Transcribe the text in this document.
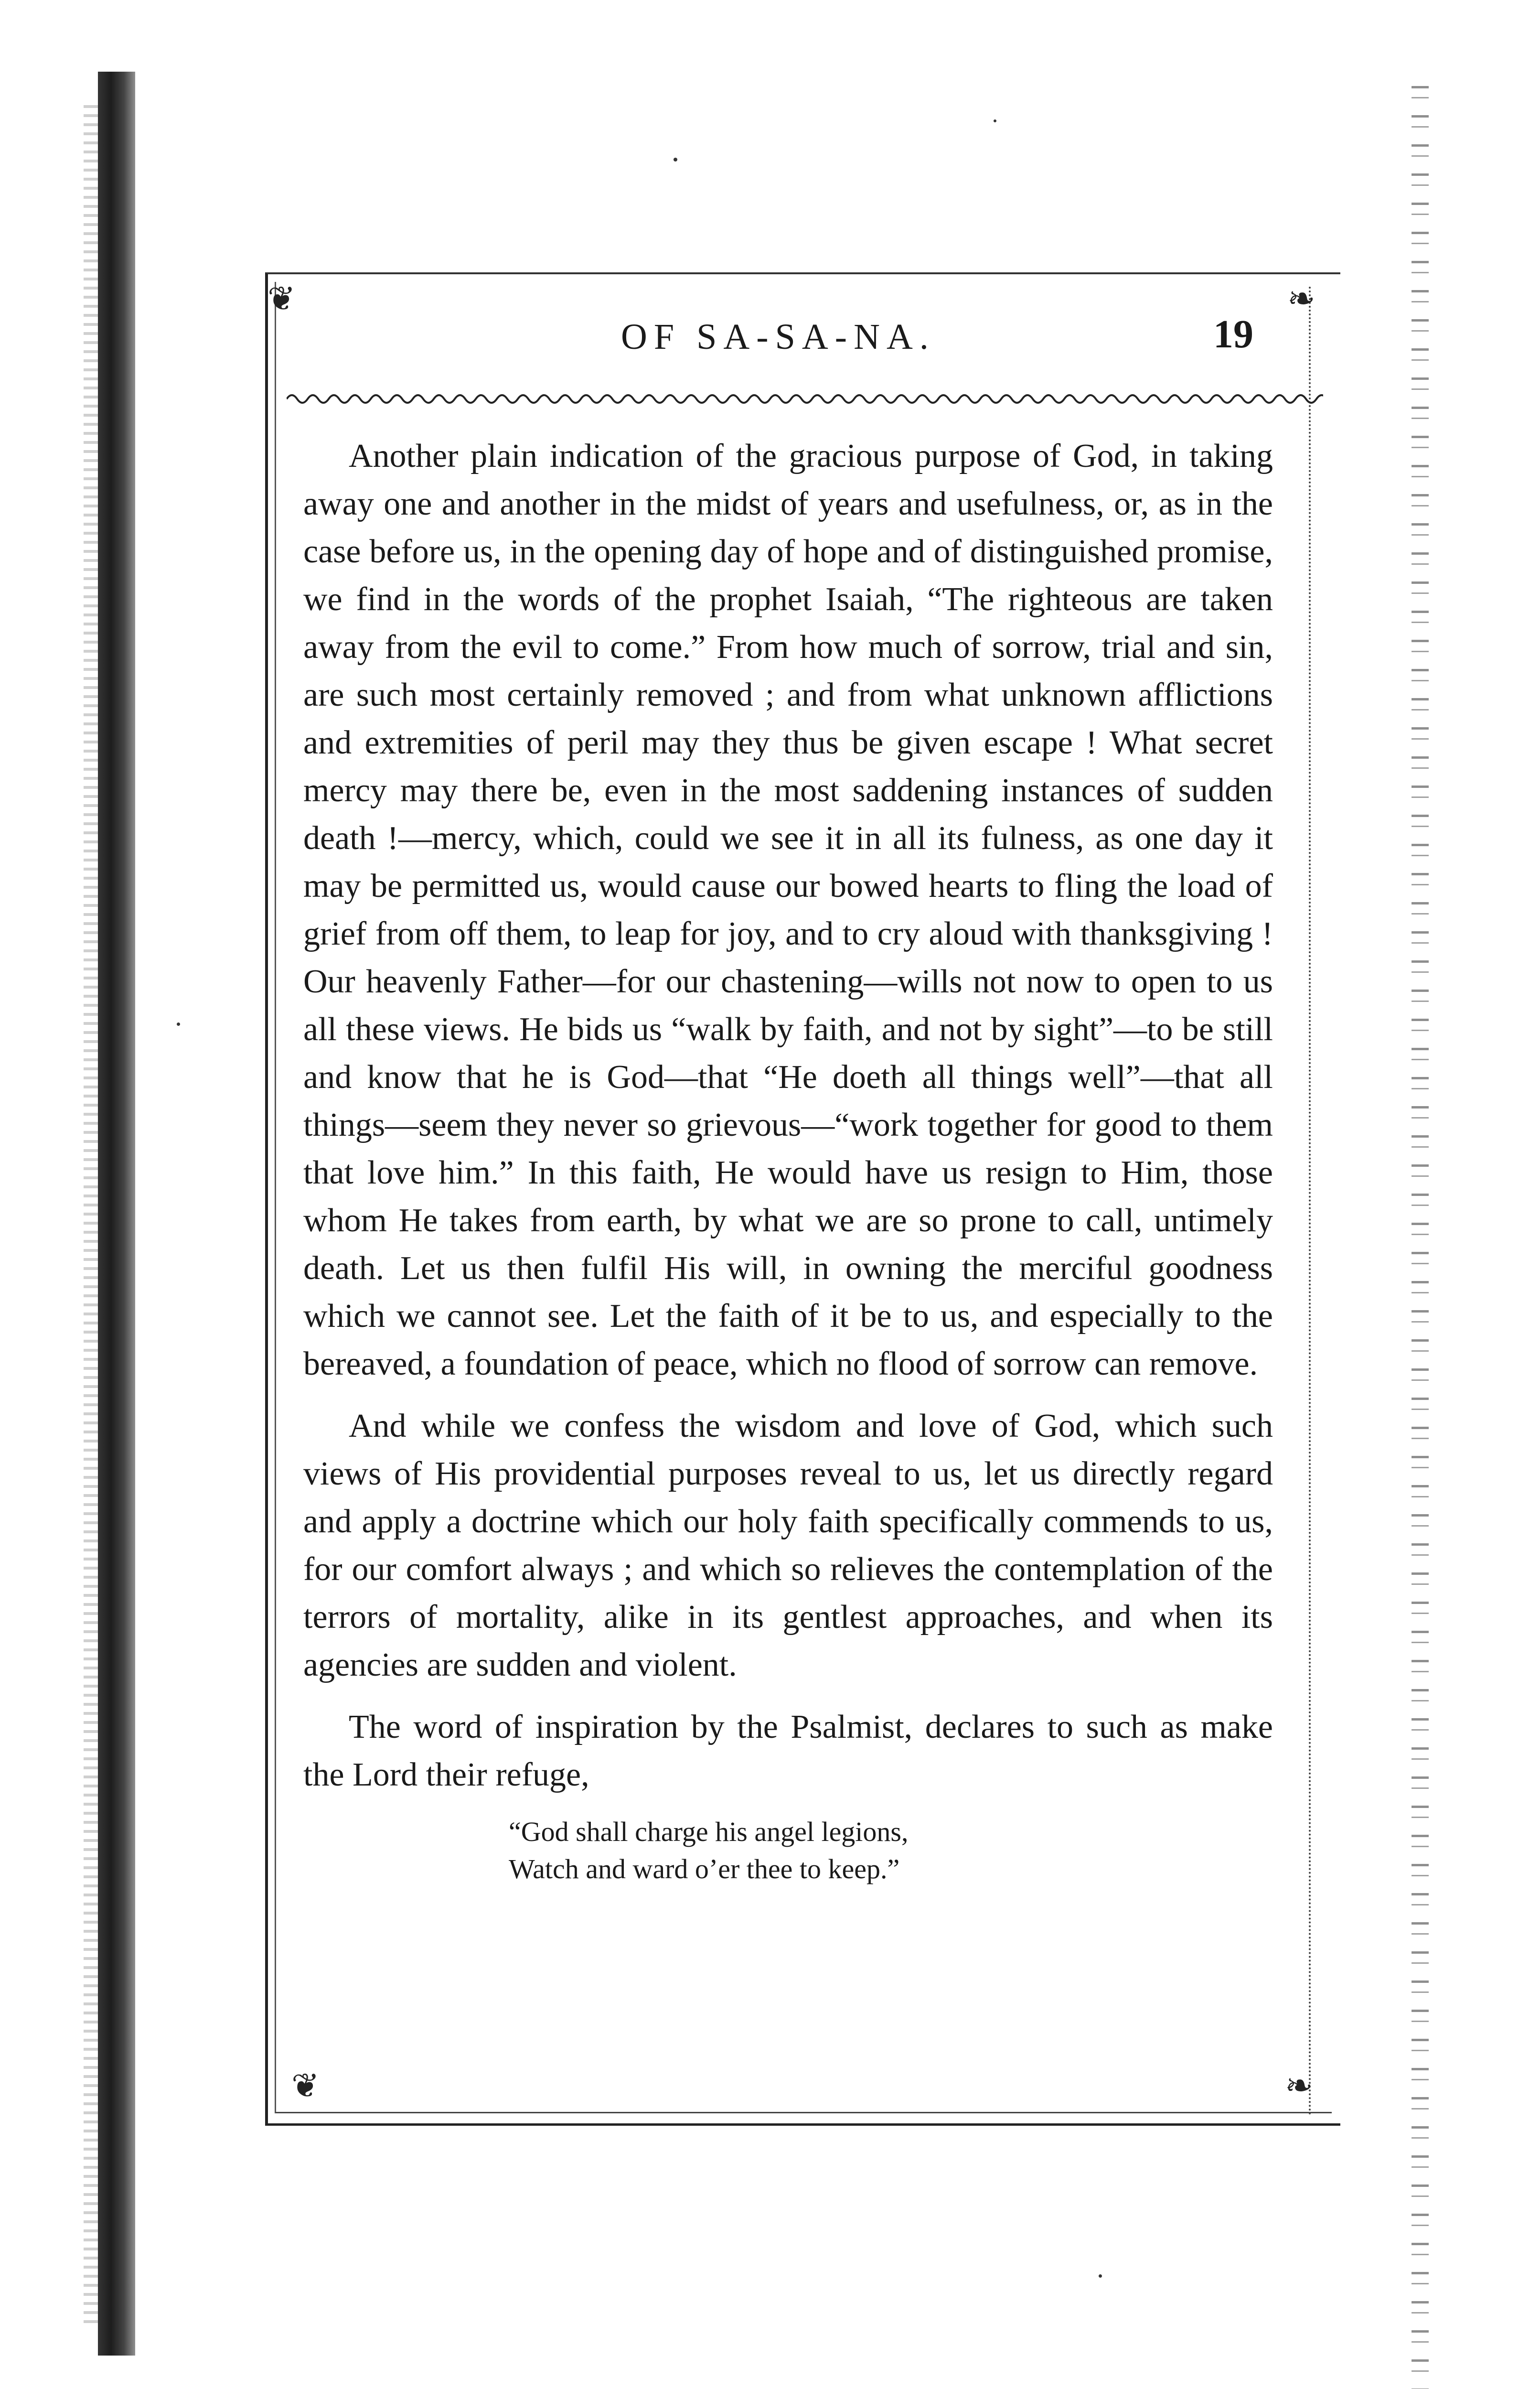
❦	❧
❦	❧
OF SA-SA-NA.	19

Another plain indication of the gracious purpose of God, in taking away one and another in the midst of years and usefulness, or, as in the case before us, in the opening day of hope and of distinguished promise, we find in the words of the prophet Isaiah, “The righteous are taken away from the evil to come.” From how much of sorrow, trial and sin, are such most certainly removed ; and from what unknown afflictions and extremities of peril may they thus be given escape ! What secret mercy may there be, even in the most saddening instances of sudden death !—mercy, which, could we see it in all its fulness, as one day it may be permitted us, would cause our bowed hearts to fling the load of grief from off them, to leap for joy, and to cry aloud with thanksgiving ! Our heavenly Father—for our chastening—wills not now to open to us all these views. He bids us “walk by faith, and not by sight”—to be still and know that he is God—that “He doeth all things well”—that all things—seem they never so grievous—“work together for good to them that love him.” In this faith, He would have us resign to Him, those whom He takes from earth, by what we are so prone to call, untimely death. Let us then fulfil His will, in owning the merciful goodness which we cannot see. Let the faith of it be to us, and especially to the bereaved, a foundation of peace, which no flood of sorrow can remove.

And while we confess the wisdom and love of God, which such views of His providential purposes reveal to us, let us directly regard and apply a doctrine which our holy faith specifically commends to us, for our comfort always ; and which so relieves the contemplation of the terrors of mortality, alike in its gentlest approaches, and when its agencies are sudden and violent.

The word of inspiration by the Psalmist, declares to such as make the Lord their refuge,

“God shall charge his angel legions,
Watch and ward o’er thee to keep.”
